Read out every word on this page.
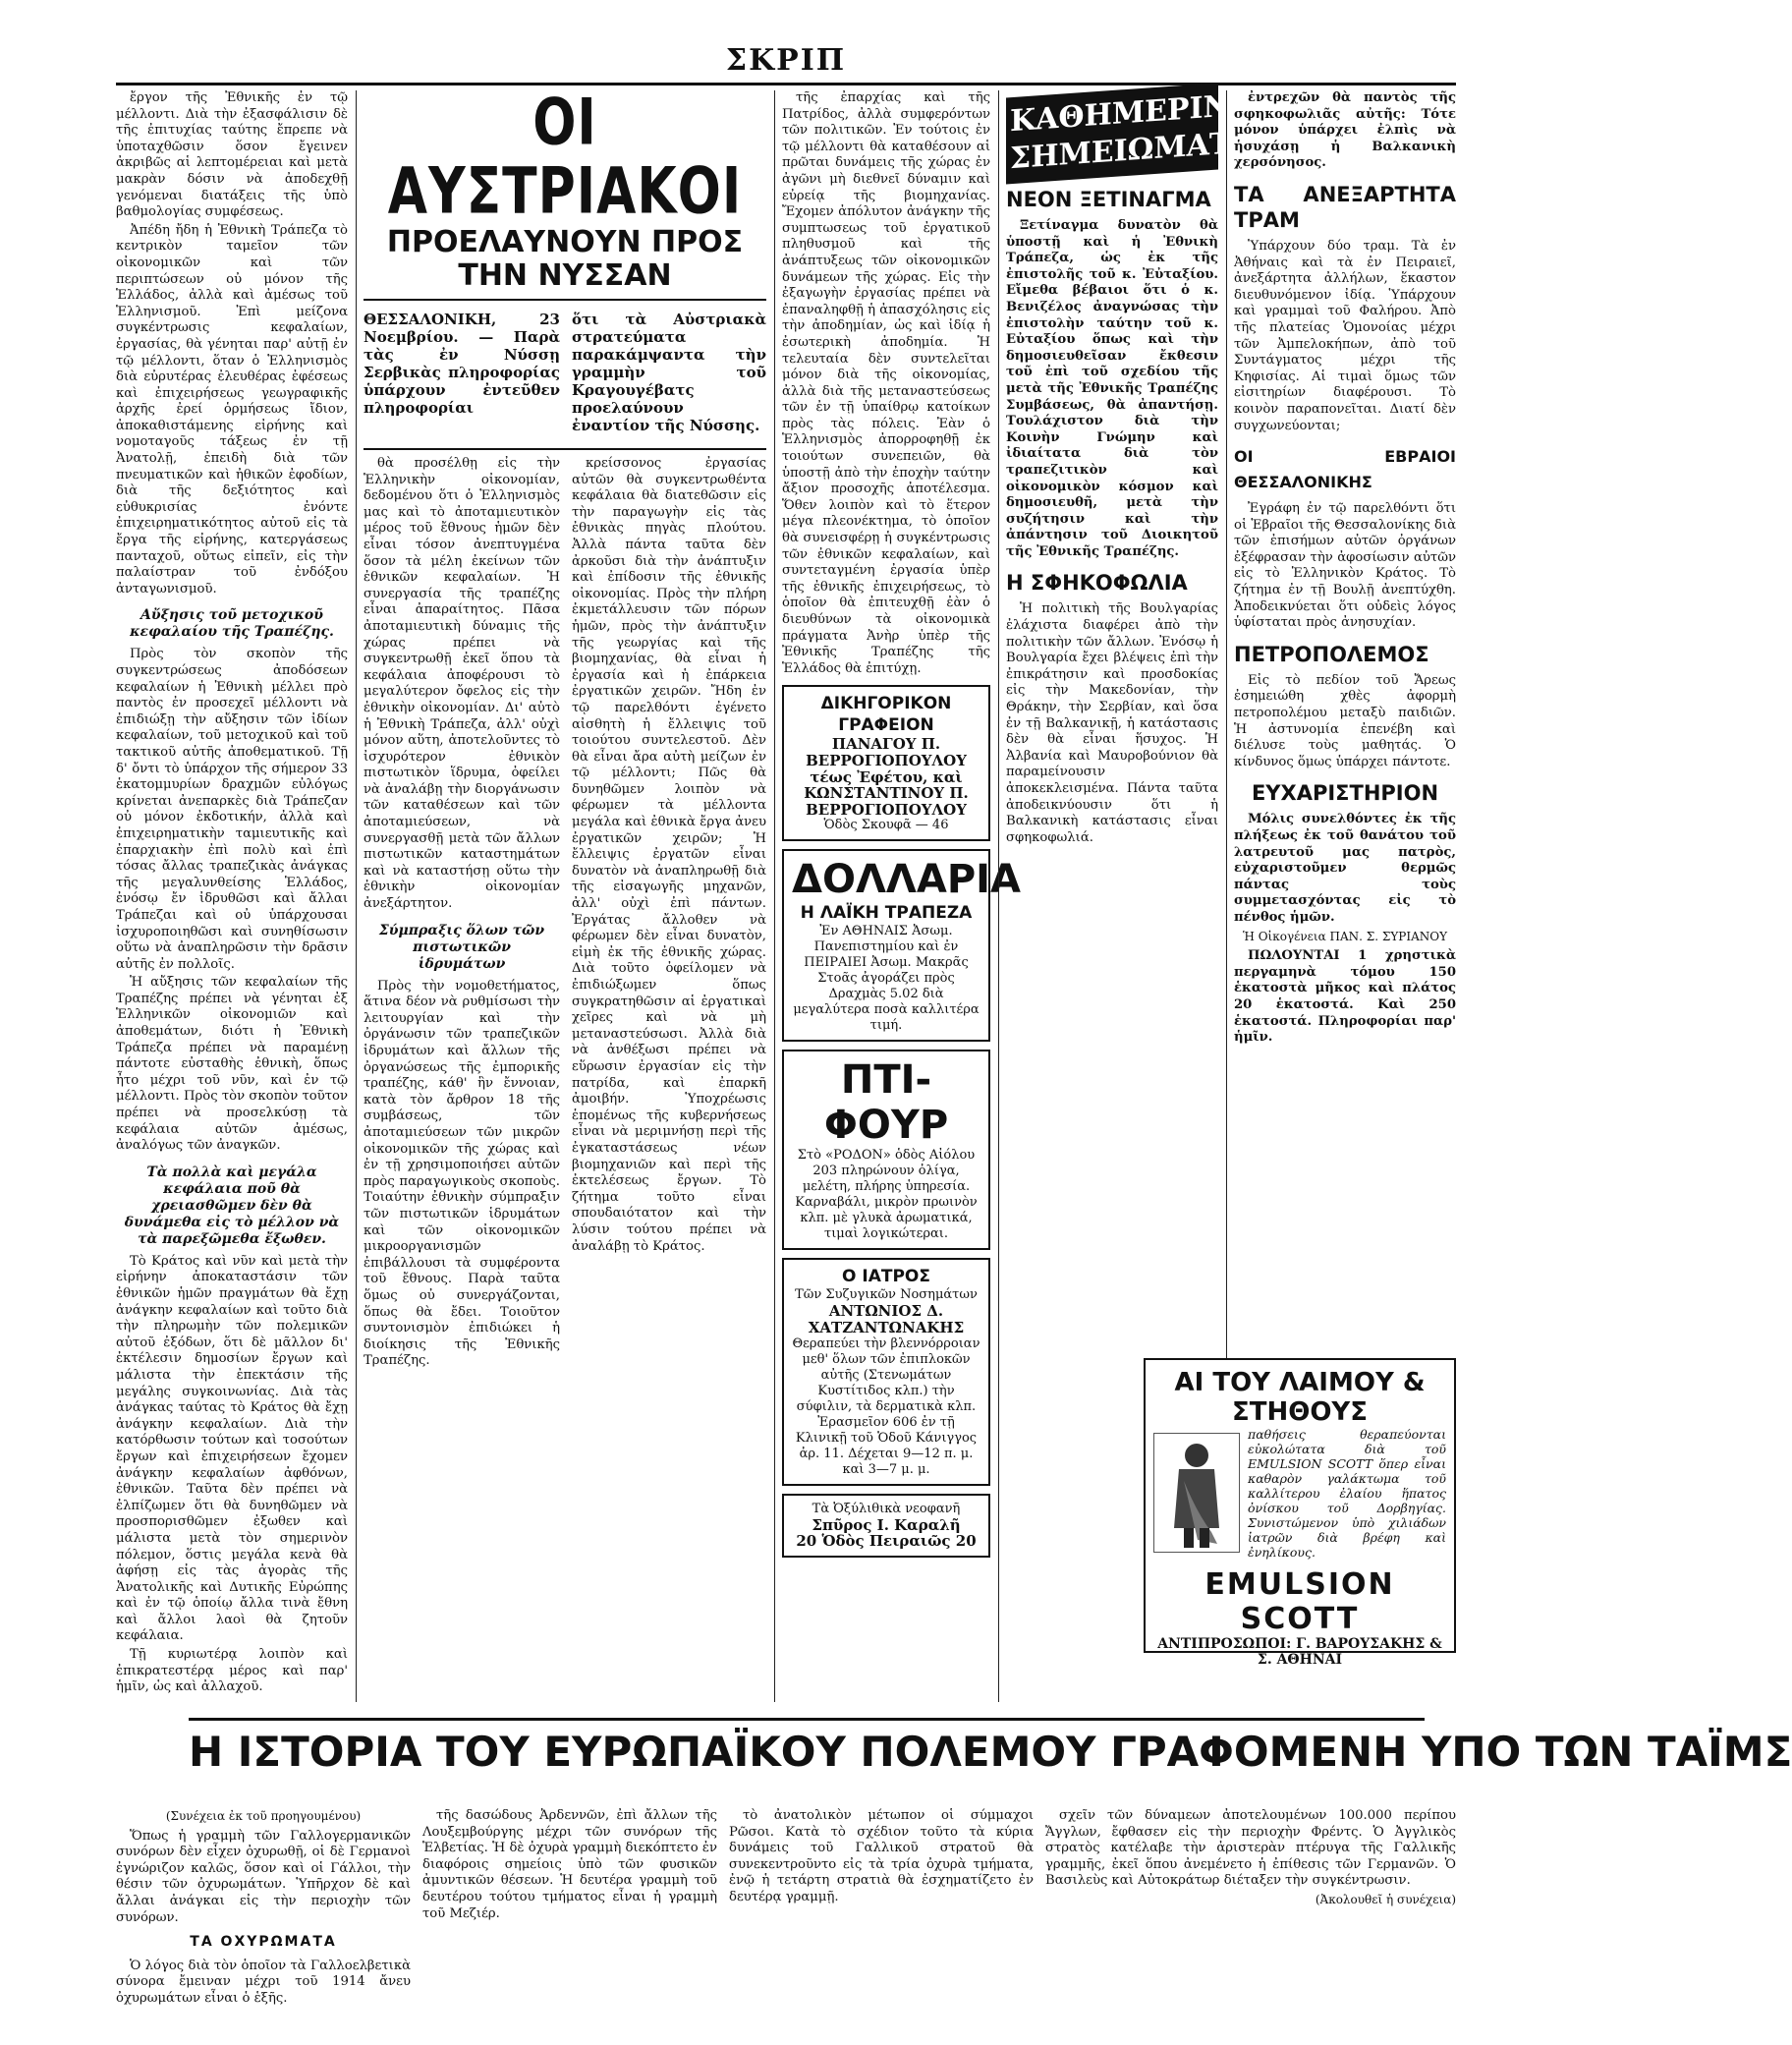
ΣΚΡΙΠ

ἔργον τῆς Ἐθνικῆς ἐν τῷ μέλλοντι. Διὰ τὴν ἐξασφάλισιν δὲ τῆς ἐπιτυχίας ταύτης ἔπρεπε νὰ ὑποταχθῶσιν ὅσον ἔγεινεν ἀκριβῶς αἱ λεπτομέρειαι καὶ μετὰ μακρὰν δόσιν νὰ ἀποδεχθῇ γενόμεναι διατάξεις τῆς ὑπὸ βαθμολογίας συμφέσεως.

Ἀπέδη ἤδη ἡ Ἐθνικὴ Τράπεζα τὸ κεντρικὸν ταμεῖον τῶν οἰκονομικῶν καὶ τῶν περιπτώσεων οὐ μόνον τῆς Ἑλλάδος, ἀλλὰ καὶ ἀμέσως τοῦ Ἑλληνισμοῦ. Ἐπὶ μείζονα συγκέντρωσις κεφαλαίων, ἐργασίας, θὰ γένηται παρ' αὐτῇ ἐν τῷ μέλλοντι, ὅταν ὁ Ἑλληνισμὸς διὰ εὐρυτέρας ἐλευθέρας ἐφέσεως καὶ ἐπιχειρήσεως γεωγραφικῆς ἀρχῆς ἐρεί ὁρμήσεως ἴδιον, ἀποκαθιστάμενης εἰρήνης καὶ νομοταγοῦς τάξεως ἐν τῇ Ἀνατολῇ, ἐπειδὴ διὰ τῶν πνευματικῶν καὶ ἠθικῶν ἐφοδίων, διὰ τῆς δεξιότητος καὶ εὐθυκρισίας ἐνόντε ἐπιχειρηματικότητος αὐτοῦ εἰς τὰ ἔργα τῆς εἰρήνης, κατεργάσεως πανταχοῦ, οὕτως εἰπεῖν, εἰς τὴν παλαίστραν τοῦ ἐνδόξου ἀνταγωνισμοῦ.

Αὔξησις τοῦ μετοχικοῦ κεφαλαίου τῆς Τραπέζης.

Πρὸς τὸν σκοπὸν τῆς συγκεντρώσεως ἀποδόσεων κεφαλαίων ἡ Ἐθνικὴ μέλλει πρὸ παντὸς ἐν προσεχεῖ μέλλοντι νὰ ἐπιδιώξῃ τὴν αὔξησιν τῶν ἰδίων κεφαλαίων, τοῦ μετοχικοῦ καὶ τοῦ τακτικοῦ αὐτῆς ἀποθεματικοῦ. Τῇ δ' ὄντι τὸ ὑπάρχον τῆς σήμερον 33 ἑκατομμυρίων δραχμῶν εὐλόγως κρίνεται ἀνεπαρκὲς διὰ Τράπεζαν οὐ μόνον ἐκδοτικήν, ἀλλὰ καὶ ἐπιχειρηματικὴν ταμιευτικῆς καὶ ἐπαρχιακὴν ἐπὶ πολὺ καὶ ἐπὶ τόσας ἄλλας τραπεζικὰς ἀνάγκας τῆς μεγαλυνθείσης Ἑλλάδος, ἐνόσῳ ἔν ἰδρυθῶσι καὶ ἄλλαι Τράπεζαι καὶ οὐ ὑπάρχουσαι ἰσχυροποιηθῶσι καὶ συνηθίσωσιν οὕτω νὰ ἀναπληρῶσιν τὴν δρᾶσιν αὐτῆς ἐν πολλοῖς.

Ἡ αὔξησις τῶν κεφαλαίων τῆς Τραπέζης πρέπει νὰ γένηται ἐξ Ἑλληνικῶν οἰκονομιῶν καὶ ἀποθεμάτων, διότι ἡ Ἐθνικὴ Τράπεζα πρέπει νὰ παραμένῃ πάντοτε εὐσταθὴς ἐθνικὴ, ὅπως ἦτο μέχρι τοῦ νῦν, καὶ ἐν τῷ μέλλοντι. Πρὸς τὸν σκοπὸν τοῦτον πρέπει νὰ προσελκύσῃ τὰ κεφάλαια αὐτῶν ἀμέσως, ἀναλόγως τῶν ἀναγκῶν.

Τὰ πολλὰ καὶ μεγάλα κεφάλαια ποῦ θὰ χρειασθῶμεν δὲν θὰ δυνάμεθα εἰς τὸ μέλλον νὰ τὰ παρεξῶμεθα ἔξωθεν.

Τὸ Κράτος καὶ νῦν καὶ μετὰ τὴν εἰρήνην ἀποκαταστάσιν τῶν ἐθνικῶν ἡμῶν πραγμάτων θὰ ἔχῃ ἀνάγκην κεφαλαίων καὶ τοῦτο διὰ τὴν πληρωμὴν τῶν πολεμικῶν αὐτοῦ ἐξόδων, ὅτι δὲ μᾶλλον δι' ἐκτέλεσιν δημοσίων ἔργων καὶ μάλιστα τὴν ἐπεκτάσιν τῆς μεγάλης συγκοινωνίας. Διὰ τὰς ἀνάγκας ταύτας τὸ Κράτος θὰ ἔχῃ ἀνάγκην κεφαλαίων. Διὰ τὴν κατόρθωσιν τούτων καὶ τοσούτων ἔργων καὶ ἐπιχειρήσεων ἔχομεν ἀνάγκην κεφαλαίων ἀφθόνων, ἐθνικῶν. Ταῦτα δὲν πρέπει νὰ ἐλπίζωμεν ὅτι θὰ δυνηθῶμεν νὰ προσπορισθῶμεν ἐξωθεν καὶ μάλιστα μετὰ τὸν σημερινὸν πόλεμον, ὅστις μεγάλα κενὰ θὰ ἀφήσῃ εἰς τὰς ἀγορὰς τῆς Ἀνατολικῆς καὶ Δυτικῆς Εὐρώπης καὶ ἐν τῷ ὁποίῳ ἄλλα τινὰ ἔθνη καὶ ἄλλοι λαοὶ θὰ ζητοῦν κεφάλαια.

Τῇ κυριωτέρᾳ λοιπὸν καὶ ἐπικρατεστέρᾳ μέρος καὶ παρ' ἡμῖν, ὡς καὶ ἀλλαχοῦ.

ΟΙ ΑΥΣΤΡΙΑΚΟΙ
ΠΡΟΕΛΑΥΝΟΥΝ ΠΡΟΣ ΤΗΝ ΝΥΣΣΑΝ
ΘΕΣΣΑΛΟΝΙΚΗ, 23 Νοεμβρίου. — Παρὰ τὰς ἐν Νύσσῃ Σερβικὰς πληροφορίας ὑπάρχουν ἐντεῦθεν πληροφορίαι
ὅτι τὰ Αὐστριακὰ στρατεύματα παρακάμψαντα τὴν γραμμὴν τοῦ Κραγουγέβατς προελαύνουν ἐναντίον τῆς Νύσσης.

θὰ προσέλθῃ εἰς τὴν Ἑλληνικὴν οἰκονομίαν, δεδομένου ὅτι ὁ Ἑλληνισμὸς μας καὶ τὸ ἀποταμιευτικὸν μέρος τοῦ ἔθνους ἡμῶν δὲν εἶναι τόσον ἀνεπτυγμένα ὅσον τὰ μέλη ἐκείνων τῶν ἐθνικῶν κεφαλαίων. Ἡ συνεργασία τῆς τραπέζης εἶναι ἀπαραίτητος. Πᾶσα ἀποταμιευτικὴ δύναμις τῆς χώρας πρέπει νὰ συγκεντρωθῇ ἐκεῖ ὅπου τὰ κεφάλαια ἀποφέρουσι τὸ μεγαλύτερον ὄφελος εἰς τὴν ἐθνικὴν οἰκονομίαν. Δι' αὐτὸ ἡ Ἐθνικὴ Τράπεζα, ἀλλ' οὐχὶ μόνον αὕτη, ἀποτελοῦντες τὸ ἰσχυρότερον ἐθνικὸν πιστωτικὸν ἵδρυμα, ὀφείλει νὰ ἀναλάβῃ τὴν διοργάνωσιν τῶν καταθέσεων καὶ τῶν ἀποταμιεύσεων, νὰ συνεργασθῇ μετὰ τῶν ἄλλων πιστωτικῶν καταστημάτων καὶ νὰ καταστήσῃ οὕτω τὴν ἐθνικὴν οἰκονομίαν ἀνεξάρτητον.

Σύμπραξις ὅλων τῶν πιστωτικῶν ἱδρυμάτων

Πρὸς τὴν νομοθετήματος, ἅτινα δέον νὰ ρυθμίσωσι τὴν λειτουργίαν καὶ τὴν ὀργάνωσιν τῶν τραπεζικῶν ἱδρυμάτων καὶ ἄλλων τῆς ὀργανώσεως τῆς ἐμπορικῆς τραπέζης, κάθ' ἣν ἔννοιαν, κατὰ τὸν ἄρθρον 18 τῆς συμβάσεως, τῶν ἀποταμιεύσεων τῶν μικρῶν οἰκονομικῶν τῆς χώρας καὶ ἐν τῇ χρησιμοποιήσει αὐτῶν πρὸς παραγωγικοὺς σκοποὺς. Τοιαύτην ἐθνικὴν σύμπραξιν τῶν πιστωτικῶν ἱδρυμάτων καὶ τῶν οἰκονομικῶν μικροοργανισμῶν ἐπιβάλλουσι τὰ συμφέροντα τοῦ ἔθνους. Παρὰ ταῦτα ὅμως οὐ συνεργάζονται, ὅπως θὰ ἔδει. Τοιοῦτον συντονισμὸν ἐπιδιώκει ἡ διοίκησις τῆς Ἐθνικῆς Τραπέζης.

κρείσσονος ἐργασίας αὐτῶν θὰ συγκεντρωθέντα κεφάλαια θὰ διατεθῶσιν εἰς τὴν παραγωγὴν εἰς τὰς ἐθνικὰς πηγὰς πλούτου. Ἀλλὰ πάντα ταῦτα δὲν ἀρκοῦσι διὰ τὴν ἀνάπτυξιν καὶ ἐπίδοσιν τῆς ἐθνικῆς οἰκονομίας. Πρὸς τὴν πλήρη ἐκμετάλλευσιν τῶν πόρων ἡμῶν, πρὸς τὴν ἀνάπτυξιν τῆς γεωργίας καὶ τῆς βιομηχανίας, θὰ εἶναι ἡ ἐργασία καὶ ἡ ἐπάρκεια ἐργατικῶν χειρῶν. Ἤδη ἐν τῷ παρελθόντι ἐγένετο αἰσθητὴ ἡ ἔλλειψις τοῦ τοιούτου συντελεστοῦ. Δὲν θὰ εἶναι ἄρα αὐτὴ μείζων ἐν τῷ μέλλοντι; Πῶς θὰ δυνηθῶμεν λοιπὸν νὰ φέρωμεν τὰ μέλλοντα μεγάλα καὶ ἐθνικὰ ἔργα ἀνευ ἐργατικῶν χειρῶν; Ἡ ἔλλειψις ἐργατῶν εἶναι δυνατὸν νὰ ἀναπληρωθῇ διὰ τῆς εἰσαγωγῆς μηχανῶν, ἀλλ' οὐχὶ ἐπὶ πάντων. Ἐργάτας ἄλλοθεν νὰ φέρωμεν δὲν εἶναι δυνατὸν, εἰμὴ ἐκ τῆς ἐθνικῆς χώρας. Διὰ τοῦτο ὀφείλομεν νὰ ἐπιδιώξωμεν ὅπως συγκρατηθῶσιν αἱ ἐργατικαὶ χεῖρες καὶ νὰ μὴ μεταναστεύσωσι. Ἀλλὰ διὰ νὰ ἀνθέξωσι πρέπει νὰ εὕρωσιν ἐργασίαν εἰς τὴν πατρίδα, καὶ ἐπαρκῆ ἀμοιβήν. Ὑποχρέωσις ἑπομένως τῆς κυβερνήσεως εἶναι νὰ μεριμνήσῃ περὶ τῆς ἐγκαταστάσεως νέων βιομηχανιῶν καὶ περὶ τῆς ἐκτελέσεως ἔργων. Τὸ ζήτημα τοῦτο εἶναι σπουδαιότατον καὶ τὴν λύσιν τούτου πρέπει νὰ ἀναλάβῃ τὸ Κράτος.

τῆς ἐπαρχίας καὶ τῆς Πατρίδος, ἀλλὰ συμφερόντων τῶν πολιτικῶν. Ἐν τούτοις ἐν τῷ μέλλοντι θὰ καταθέσουν αἱ πρῶται δυνάμεις τῆς χώρας ἐν ἀγῶνι μὴ διεθνεῖ δύναμιν καὶ εὐρείᾳ τῆς βιομηχανίας. Ἔχομεν ἀπόλυτον ἀνάγκην τῆς συμπτωσεως τοῦ ἐργατικοῦ πληθυσμοῦ καὶ τῆς ἀνάπτυξεως τῶν οἰκονομικῶν δυνάμεων τῆς χώρας. Εἰς τὴν ἐξαγωγὴν ἐργασίας πρέπει νὰ ἐπαναληφθῇ ἡ ἀπασχόλησις εἰς τὴν ἀποδημίαν, ὡς καὶ ἰδίᾳ ἡ ἐσωτερικὴ ἀποδημία. Ἡ τελευταία δὲν συντελεῖται μόνον διὰ τῆς οἰκονομίας, ἀλλὰ διὰ τῆς μεταναστεύσεως τῶν ἐν τῇ ὑπαίθρῳ κατοίκων πρὸς τὰς πόλεις. Ἐὰν ὁ Ἑλληνισμὸς ἀπορροφηθῇ ἐκ τοιούτων συνεπειῶν, θὰ ὑποστῇ ἀπὸ τὴν ἐποχὴν ταύτην ἄξιον προσοχῆς ἀποτέλεσμα. Ὅθεν λοιπὸν καὶ τὸ ἕτερον μέγα πλεονέκτημα, τὸ ὁποῖον θὰ συνεισφέρῃ ἡ συγκέντρωσις τῶν ἐθνικῶν κεφαλαίων, καὶ συντεταγμένη ἐργασία ὑπὲρ τῆς ἐθνικῆς ἐπιχειρήσεως, τὸ ὁποῖον θὰ ἐπιτευχθῇ ἐὰν ὁ διευθύνων τὰ οἰκονομικὰ πράγματα Ἀνὴρ ὑπὲρ τῆς Ἐθνικῆς Τραπέζης τῆς Ἑλλάδος θὰ ἐπιτύχῃ.

ΔΙΚΗΓΟΡΙΚΟΝ ΓΡΑΦΕΙΟΝ
ΠΑΝΑΓΟΥ Π. ΒΕΡΡΟΓΙΟΠΟΥΛΟΥ τέως Ἐφέτου, καὶ ΚΩΝΣΤΑΝΤΙΝΟΥ Π. ΒΕΡΡΟΓΙΟΠΟΥΛΟΥ
Ὁδὸς Σκουφᾶ — 46
ΔΟΛΛΑΡΙΑ
Η ΛΑΪΚΗ ΤΡΑΠΕΖΑ
Ἐν ΑΘΗΝΑΙΣ Ἀσωμ. Πανεπιστημίου καὶ ἐν ΠΕΙΡΑΙΕΙ Ἀσωμ. Μακρᾶς Στοᾶς ἀγοράζει πρὸς Δραχμὰς 5.02 διὰ μεγαλύτερα ποσὰ καλλιτέρα τιμή.
ΠΤΙ-ΦΟΥΡ
Στὸ «ΡΟΔΟΝ» ὁδὸς Αἰόλου 203 πληρώνουν ὀλίγα, μελέτη, πλήρης ὑπηρεσία. Καρναβάλι, μικρὸν πρωινὸν κλπ. μὲ γλυκὰ ἀρωματικά, τιμαὶ λογικώτεραι.
Ο ΙΑΤΡΟΣ
Τῶν Συζυγικῶν Νοσημάτων
ΑΝΤΩΝΙΟΣ Δ. ΧΑΤΖΑΝΤΩΝΑΚΗΣ
Θεραπεύει τὴν βλεννόρροιαν μεθ' ὅλων τῶν ἐπιπλοκῶν αὐτῆς (Στενωμάτων Κυστίτιδος κλπ.) τὴν σύφιλιν, τὰ δερματικὰ κλπ. Ἐρασμεῖον 606 ἐν τῇ Κλινικῇ τοῦ Ὁδοῦ Κάνιγγος ἀρ. 11. Δέχεται 9—12 π. μ. καὶ 3—7 μ. μ.
Τὰ Ὀξύλιθικὰ νεοφανῆ
Σπῦρος Ι. Καραλῆ
20 Ὁδὸς Πειραιῶς 20
ΚΑΘΗΜΕΡΙΝΑ
ΣΗΜΕΙΩΜΑΤΑ
ΝΕΟΝ ΞΕΤΙΝΑΓΜΑ

Ξετίναγμα δυνατὸν θὰ ὑποστῇ καὶ ἡ Ἐθνικὴ Τράπεζα, ὡς ἐκ τῆς ἐπιστολῆς τοῦ κ. Ἐὐταξίου. Εἴμεθα βέβαιοι ὅτι ὁ κ. Βενιζέλος ἀναγνώσας τὴν ἐπιστολὴν ταύτην τοῦ κ. Εὐταξίου ὅπως καὶ τὴν δημοσιευθεῖσαν ἔκθεσιν τοῦ ἐπὶ τοῦ σχεδίου τῆς μετὰ τῆς Ἐθνικῆς Τραπέζης Συμβάσεως, θὰ ἀπαντήσῃ. Τουλάχιστον διὰ τὴν Κοινὴν Γνώμην καὶ ἰδιαίτατα διὰ τὸν τραπεζιτικὸν καὶ οἰκονομικὸν κόσμον καὶ δημοσιευθῆ, μετὰ τὴν συζήτησιν καὶ τὴν ἀπάντησιν τοῦ Διοικητοῦ τῆς Ἐθνικῆς Τραπέζης.

Η ΣΦΗΚΟΦΩΛΙΑ

Ἡ πολιτικὴ τῆς Βουλγαρίας ἐλάχιστα διαφέρει ἀπὸ τὴν πολιτικὴν τῶν ἄλλων. Ἐνόσῳ ἡ Βουλγαρία ἔχει βλέψεις ἐπὶ τὴν ἐπικράτησιν καὶ προσδοκίας εἰς τὴν Μακεδονίαν, τὴν Θράκην, τὴν Σερβίαν, καὶ ὅσα ἐν τῇ Βαλκανικῇ, ἡ κατάστασις δὲν θὰ εἶναι ἥσυχος. Ἡ Ἀλβανία καὶ Μαυροβούνιον θὰ παραμείνουσιν ἀποκεκλεισμένα. Πάντα ταῦτα ἀποδεικνύουσιν ὅτι ἡ Βαλκανικὴ κατάστασις εἶναι σφηκοφωλιά.

ἐντρεχῶν θὰ παντὸς τῆς σφηκοφωλιᾶς αὐτῆς: Τότε μόνον ὑπάρχει ἐλπὶς νὰ ἡσυχάσῃ ἡ Βαλκανικὴ χερσόνησος.

ΤΑ ΑΝΕΞΑΡΤΗΤΑ ΤΡΑΜ

Ὑπάρχουν δύο τραμ. Τὰ ἐν Ἀθήναις καὶ τὰ ἐν Πειραιεῖ, ἀνεξάρτητα ἀλλήλων, ἕκαστον διευθυνόμενον ἰδίᾳ. Ὑπάρχουν καὶ γραμμαὶ τοῦ Φαλήρου. Ἀπὸ τῆς πλατείας Ὁμονοίας μέχρι τῶν Ἀμπελοκήπων, ἀπὸ τοῦ Συντάγματος μέχρι τῆς Κηφισίας. Αἱ τιμαὶ ὅμως τῶν εἰσιτηρίων διαφέρουσι. Τὸ κοινὸν παραπονεῖται. Διατί δὲν συγχωνεύονται;

ΟΙ ΕΒΡΑΙΟΙ ΘΕΣΣΑΛΟΝΙΚΗΣ

Ἐγράφη ἐν τῷ παρελθόντι ὅτι οἱ Ἑβραῖοι τῆς Θεσσαλονίκης διὰ τῶν ἐπισήμων αὐτῶν ὀργάνων ἐξέφρασαν τὴν ἀφοσίωσιν αὐτῶν εἰς τὸ Ἑλληνικὸν Κράτος. Τὸ ζήτημα ἐν τῇ Βουλῇ ἀνεπτύχθη. Ἀποδεικνύεται ὅτι οὐδεὶς λόγος ὑφίσταται πρὸς ἀνησυχίαν.

ΠΕΤΡΟΠΟΛΕΜΟΣ

Εἰς τὸ πεδίον τοῦ Ἄρεως ἐσημειώθη χθὲς ἀφορμὴ πετροπολέμου μεταξὺ παιδιῶν. Ἡ ἀστυνομία ἐπενέβη καὶ διέλυσε τοὺς μαθητάς. Ὁ κίνδυνος ὅμως ὑπάρχει πάντοτε.

ΕΥΧΑΡΙΣΤΗΡΙΟΝ

Μόλις συνελθόντες ἐκ τῆς πλήξεως ἐκ τοῦ θανάτου τοῦ λατρευτοῦ μας πατρὸς, εὐχαριστοῦμεν θερμῶς πάντας τοὺς συμμετασχόντας εἰς τὸ πένθος ἡμῶν.

Ἡ Οἰκογένεια ΠΑΝ. Σ. ΣΥΡΙΑΝΟΥ

ΠΩΛΟΥΝΤΑΙ 1 χρηστικὰ περγαμηνὰ τόμου 150 ἑκατοστὰ μῆκος καὶ πλάτος 20 ἑκατοστά. Καὶ 250 ἑκατοστά. Πληροφορίαι παρ' ἡμῖν.

ΑΙ ΤΟΥ ΛΑΙΜΟΥ & ΣΤΗΘΟΥΣ
παθήσεις θεραπεύονται εὐκολώτατα διὰ τοῦ EMULSION SCOTT ὅπερ εἶναι καθαρὸν γαλάκτωμα τοῦ καλλίτερου ἐλαίου ἥπατος ὀνίσκου τοῦ Δορβηγίας. Συνιστώμενον ὑπὸ χιλιάδων ἰατρῶν διὰ βρέφη καὶ ἐνηλίκους.
EMULSION SCOTT
ΑΝΤΙΠΡΟΣΩΠΟΙ: Γ. ΒΑΡΟΥΣΑΚΗΣ & Σ. ΑΘΗΝΑΙ
Η ΙΣΤΟΡΙΑ ΤΟΥ ΕΥΡΩΠΑΪΚΟΥ ΠΟΛΕΜΟΥ ΓΡΑΦΟΜΕΝΗ ΥΠΟ ΤΩΝ ΤΑΪΜΣ
(Συνέχεια ἐκ τοῦ προηγουμένου)

Ὅπως ἡ γραμμὴ τῶν Γαλλογερμανικῶν συνόρων δὲν εἶχεν ὀχυρωθῇ, οἱ δὲ Γερμανοὶ ἐγνώριζον καλῶς, ὅσον καὶ οἱ Γάλλοι, τὴν θέσιν τῶν ὀχυρωμάτων. Ὑπῆρχον δὲ καὶ ἄλλαι ἀνάγκαι εἰς τὴν περιοχὴν τῶν συνόρων.

ΤΑ ΟΧΥΡΩΜΑΤΑ

Ὁ λόγος διὰ τὸν ὁποῖον τὰ Γαλλοελβετικὰ σύνορα ἔμειναν μέχρι τοῦ 1914 ἄνευ ὀχυρωμάτων εἶναι ὁ ἑξῆς.

τῆς δασώδους Ἀρδεννῶν, ἐπὶ ἄλλων τῆς Λουξεμβούργης μέχρι τῶν συνόρων τῆς Ἑλβετίας. Ἡ δὲ ὀχυρὰ γραμμὴ διεκόπτετο ἐν διαφόροις σημείοις ὑπὸ τῶν φυσικῶν ἀμυντικῶν θέσεων. Ἡ δευτέρα γραμμὴ τοῦ δευτέρου τούτου τμήματος εἶναι ἡ γραμμὴ τοῦ Μεζιέρ.

τὸ ἀνατολικὸν μέτωπον οἱ σύμμαχοι Ρῶσοι. Κατὰ τὸ σχέδιον τοῦτο τὰ κύρια δυνάμεις τοῦ Γαλλικοῦ στρατοῦ θὰ συνεκεντροῦντο εἰς τὰ τρία ὀχυρὰ τμήματα, ἐνῷ ἡ τετάρτη στρατιὰ θὰ ἐσχηματίζετο ἐν δευτέρᾳ γραμμῇ.

σχεῖν τῶν δύναμεων ἀποτελουμένων 100.000 περίπου Ἄγγλων, ἔφθασεν εἰς τὴν περιοχὴν Φρέντς. Ὁ Ἀγγλικὸς στρατὸς κατέλαβε τὴν ἀριστερὰν πτέρυγα τῆς Γαλλικῆς γραμμῆς, ἐκεῖ ὅπου ἀνεμένετο ἡ ἐπίθεσις τῶν Γερμανῶν. Ὁ Βασιλεὺς καὶ Αὐτοκράτωρ διέταξεν τὴν συγκέντρωσιν.

(Ἀκολουθεῖ ἡ συνέχεια)
